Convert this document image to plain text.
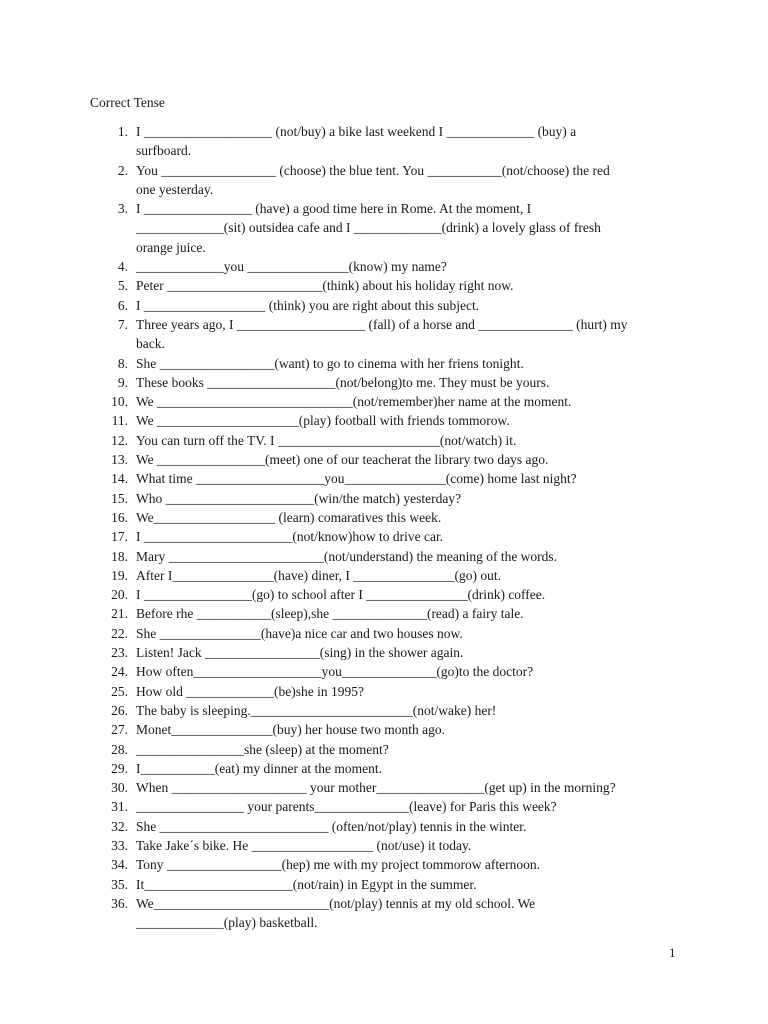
Correct Tense
1. I ___________________ (not/buy) a bike last weekend I _____________ (buy) a
surfboard.
2. You _________________ (choose) the blue tent. You ___________(not/choose) the red
one yesterday.
3. I ________________ (have) a good time here in Rome. At the moment, I
_____________(sit) outsidea cafe and I _____________(drink) a lovely glass of fresh
orange juice.
4. _____________you _______________(know) my name?
5. Peter _______________________(think) about his holiday right now.
6. I __________________ (think) you are right about this subject.
7. Three years ago, I ___________________ (fall) of a horse and ______________ (hurt) my
back.
8. She _________________(want) to go to cinema with her friens tonight.
9. These books ___________________(not/belong)to me. They must be yours.
10. We _____________________________(not/remember)her name at the moment.
11. We _____________________(play) football with friends tommorow.
12. You can turn off the TV. I ________________________(not/watch) it.
13. We ________________(meet) one of our teacherat the library two days ago.
14. What time ___________________you_______________(come) home last night?
15. Who ______________________(win/the match) yesterday?
16. We__________________ (learn) comaratives this week.
17. I ______________________(not/know)how to drive car.
18. Mary _______________________(not/understand) the meaning of the words.
19. After I_______________(have) diner, I _______________(go) out.
20. I ________________(go) to school after I _______________(drink) coffee.
21. Before rhe ___________(sleep),she ______________(read) a fairy tale.
22. She _______________(have)a nice car and two houses now.
23. Listen! Jack _________________(sing) in the shower again.
24. How often___________________you______________(go)to the doctor?
25. How old _____________(be)she in 1995?
26. The baby is sleeping.________________________(not/wake) her!
27. Monet_______________(buy) her house two month ago.
28. ________________she (sleep) at the moment?
29. I___________(eat) my dinner at the moment.
30. When ____________________ your mother________________(get up) in the morning?
31. ________________ your parents______________(leave) for Paris this week?
32. She _________________________ (often/not/play) tennis in the winter.
33. Take Jake´s bike. He __________________ (not/use) it today.
34. Tony _________________(hep) me with my project tommorow afternoon.
35. It______________________(not/rain) in Egypt in the summer.
36. We__________________________(not/play) tennis at my old school. We
_____________(play) basketball.
1
